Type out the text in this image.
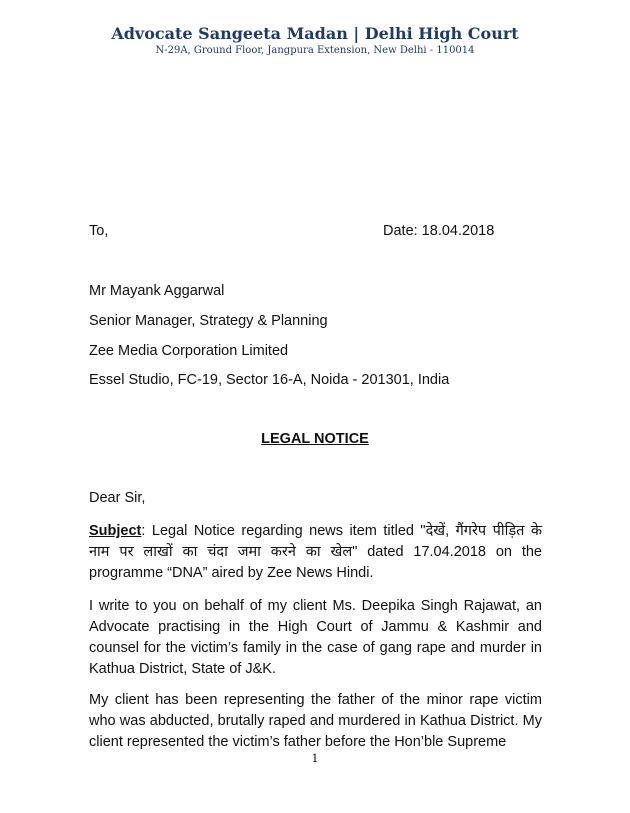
Advocate Sangeeta Madan | Delhi High Court
N-29A, Ground Floor, Jangpura Extension, New Delhi - 110014
To,	Date: 18.04.2018
Mr Mayank Aggarwal
Senior Manager, Strategy & Planning
Zee Media Corporation Limited
Essel Studio, FC-19, Sector 16-A, Noida - 201301, India
LEGAL NOTICE
Dear Sir,
Subject: Legal Notice regarding news item titled "देखें, गैंगरेप पीड़ित के नाम पर लाखों का चंदा जमा करने का खेल" dated 17.04.2018 on the programme “DNA” aired by Zee News Hindi.
I write to you on behalf of my client Ms. Deepika Singh Rajawat, an Advocate practising in the High Court of Jammu & Kashmir and counsel for the victim’s family in the case of gang rape and murder in Kathua District, State of J&K.
My client has been representing the father of the minor rape victim who was abducted, brutally raped and murdered in Kathua District. My client represented the victim’s father before the Hon’ble Supreme
1
